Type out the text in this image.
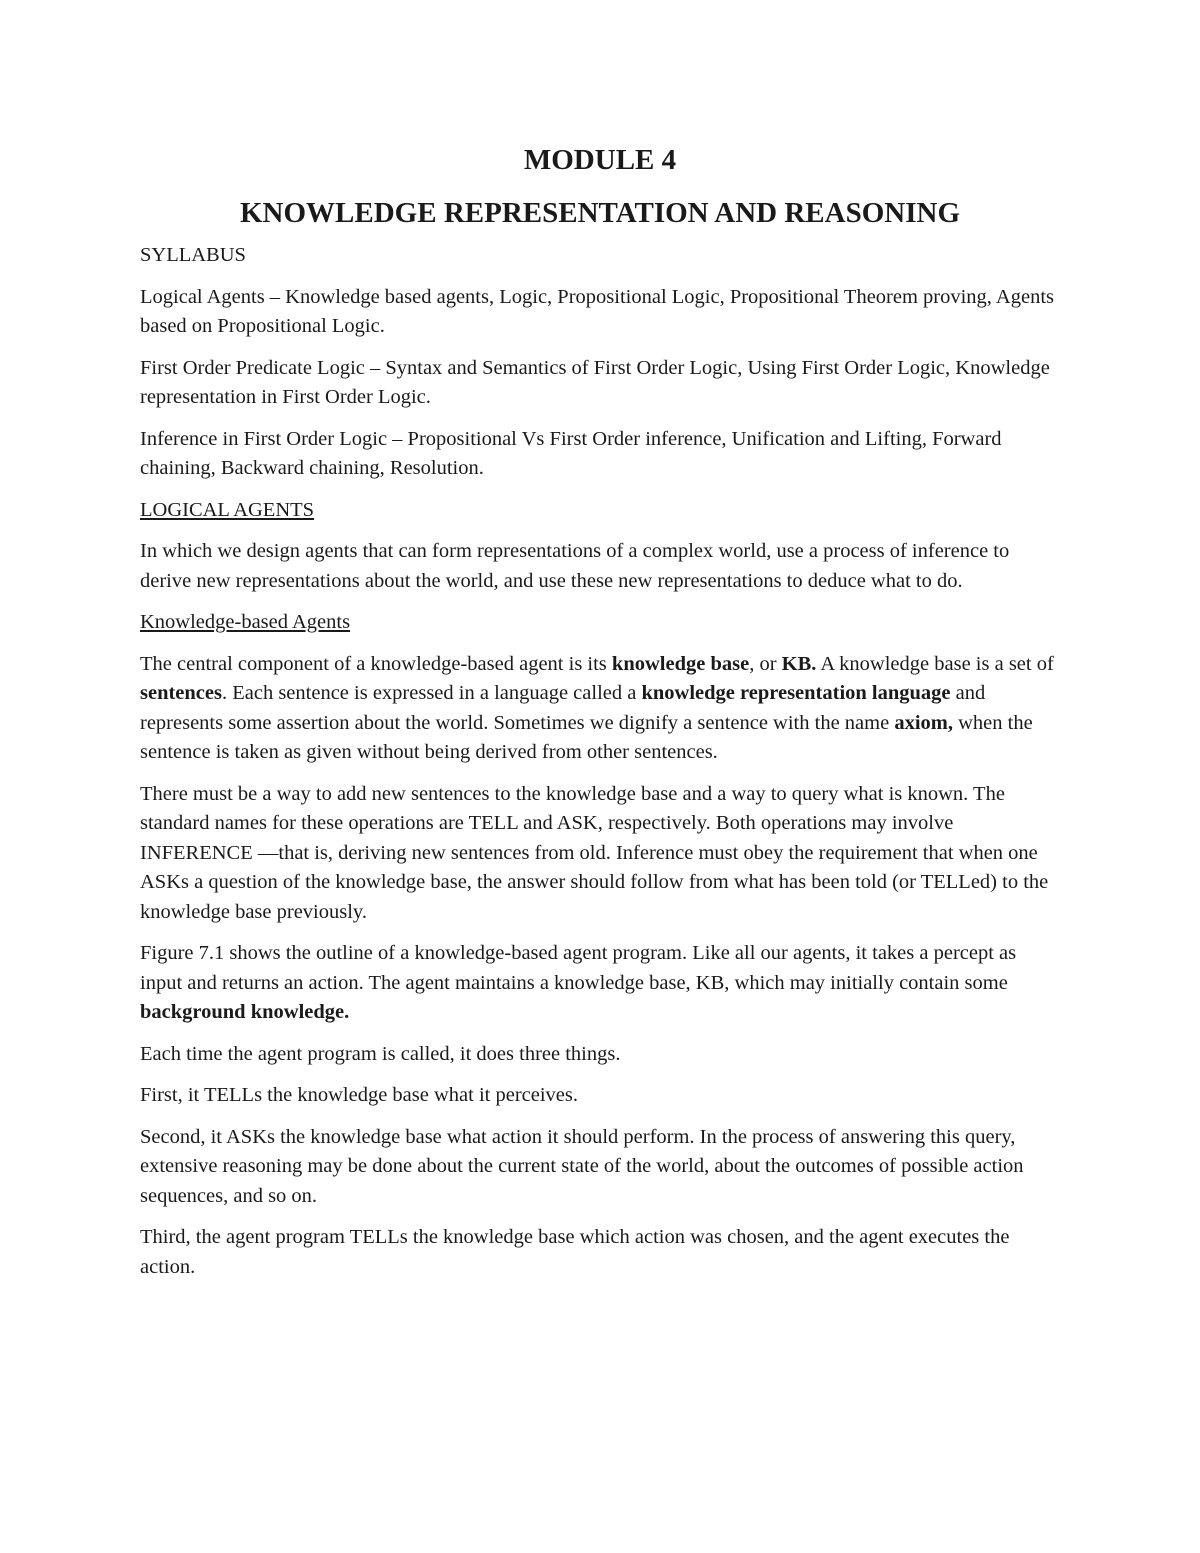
MODULE 4
KNOWLEDGE REPRESENTATION AND REASONING

SYLLABUS

Logical Agents – Knowledge based agents, Logic, Propositional Logic, Propositional Theorem proving, Agents based on Propositional Logic.

First Order Predicate Logic – Syntax and Semantics of First Order Logic, Using First Order Logic, Knowledge representation in First Order Logic.

Inference in First Order Logic – Propositional Vs First Order inference, Unification and Lifting, Forward chaining, Backward chaining, Resolution.

LOGICAL AGENTS

In which we design agents that can form representations of a complex world, use a process of inference to derive new representations about the world, and use these new representations to deduce what to do.

Knowledge-based Agents

The central component of a knowledge-based agent is its knowledge base, or KB. A knowledge base is a set of sentences. Each sentence is expressed in a language called a knowledge representation language and represents some assertion about the world. Sometimes we dignify a sentence with the name axiom, when the sentence is taken as given without being derived from other sentences.

There must be a way to add new sentences to the knowledge base and a way to query what is known. The standard names for these operations are TELL and ASK, respectively. Both operations may involve INFERENCE —that is, deriving new sentences from old. Inference must obey the requirement that when one ASKs a question of the knowledge base, the answer should follow from what has been told (or TELLed) to the knowledge base previously.

Figure 7.1 shows the outline of a knowledge-based agent program. Like all our agents, it takes a percept as input and returns an action. The agent maintains a knowledge base, KB, which may initially contain some background knowledge.

Each time the agent program is called, it does three things.

First, it TELLs the knowledge base what it perceives.

Second, it ASKs the knowledge base what action it should perform. In the process of answering this query, extensive reasoning may be done about the current state of the world, about the outcomes of possible action sequences, and so on.

Third, the agent program TELLs the knowledge base which action was chosen, and the agent executes the action.
